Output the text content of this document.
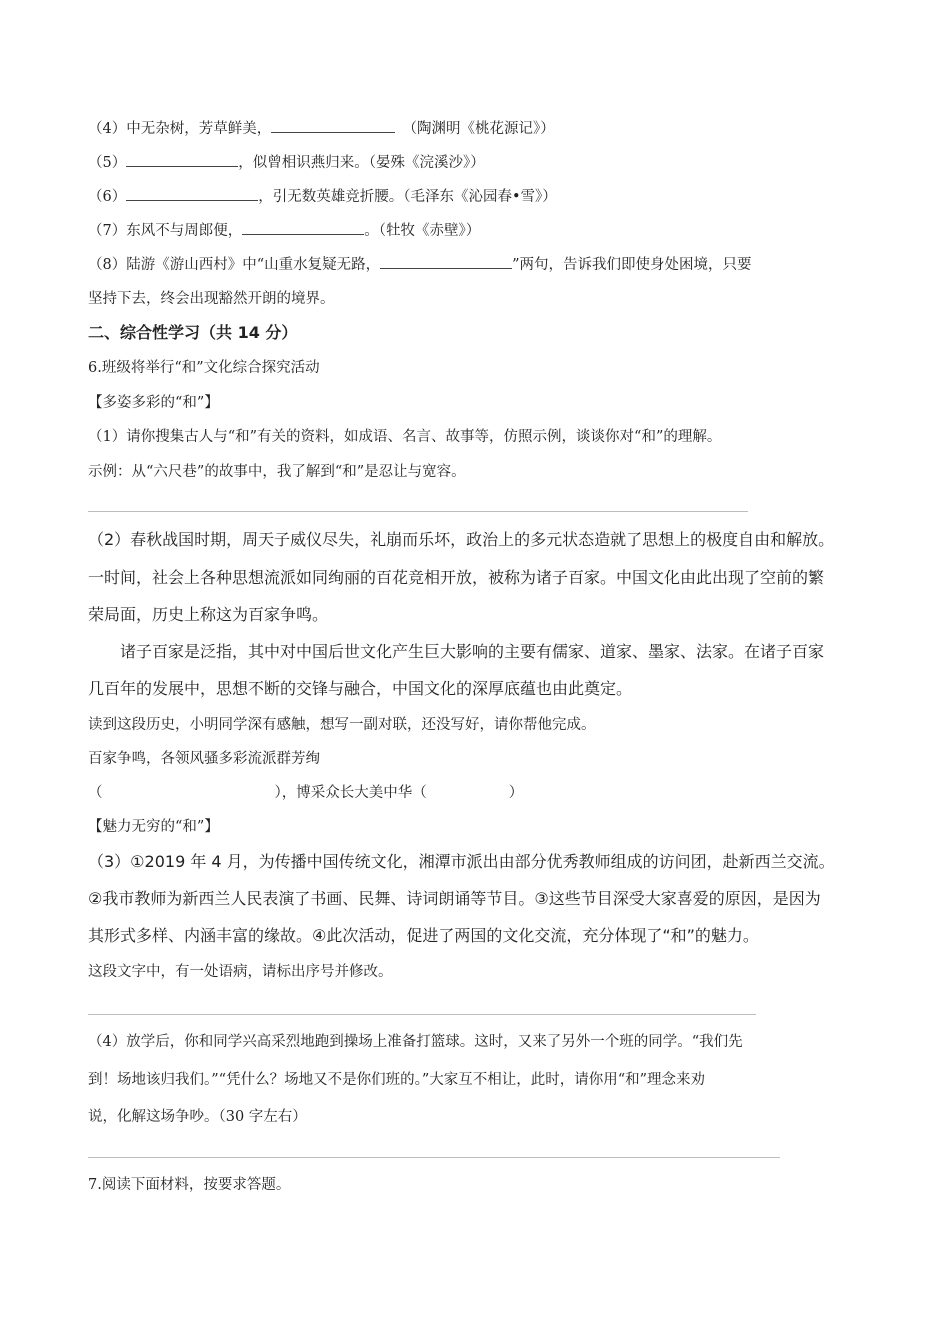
（4）中无杂树，芳草鲜美，	　（陶渊明《桃花源记》）
（5）	，似曾相识燕归来。（晏殊《浣溪沙》）
（6）	，引无数英雄竞折腰。（毛泽东《沁园春•雪》）
（7）东风不与周郎便，	。（牡牧《赤壁》）
（8）陆游《游山西村》中“山重水复疑无路，	”两句，告诉我们即使身处困境，只要
坚持下去，终会出现豁然开朗的境界。
二、综合性学习（共 14 分）
6.班级将举行“和”文化综合探究活动
【多姿多彩的“和”】
（1）请你搜集古人与“和”有关的资料，如成语、名言、故事等，仿照示例，谈谈你对“和”的理解。
示例：从“六尺巷”的故事中，我了解到“和”是忍让与宽容。
（2）春秋战国时期，周天子威仪尽失，礼崩而乐坏，政治上的多元状态造就了思想上的极度自由和解放。
一时间，社会上各种思想流派如同绚丽的百花竞相开放，被称为诸子百家。中国文化由此出现了空前的繁
荣局面，历史上称这为百家争鸣。
　　诸子百家是泛指，其中对中国后世文化产生巨大影响的主要有儒家、道家、墨家、法家。在诸子百家
几百年的发展中，思想不断的交锋与融合，中国文化的深厚底蕴也由此奠定。
读到这段历史，小明同学深有感触，想写一副对联，还没写好，请你帮他完成。
百家争鸣，各领风骚多彩流派群芳绚
（	），博采众长大美中华（	）
【魅力无穷的“和”】
（3）①2019 年 4 月，为传播中国传统文化，湘潭市派出由部分优秀教师组成的访问团，赴新西兰交流。
②我市教师为新西兰人民表演了书画、民舞、诗词朗诵等节目。③这些节目深受大家喜爱的原因，是因为
其形式多样、内涵丰富的缘故。④此次活动，促进了两国的文化交流，充分体现了“和”的魅力。
这段文字中，有一处语病，请标出序号并修改。
（4）放学后，你和同学兴高采烈地跑到操场上准备打篮球。这时，又来了另外一个班的同学。“我们先
到！场地该归我们。”“凭什么？场地又不是你们班的。”大家互不相让，此时，请你用“和”理念来劝
说，化解这场争吵。（30 字左右）
7.阅读下面材料，按要求答题。
